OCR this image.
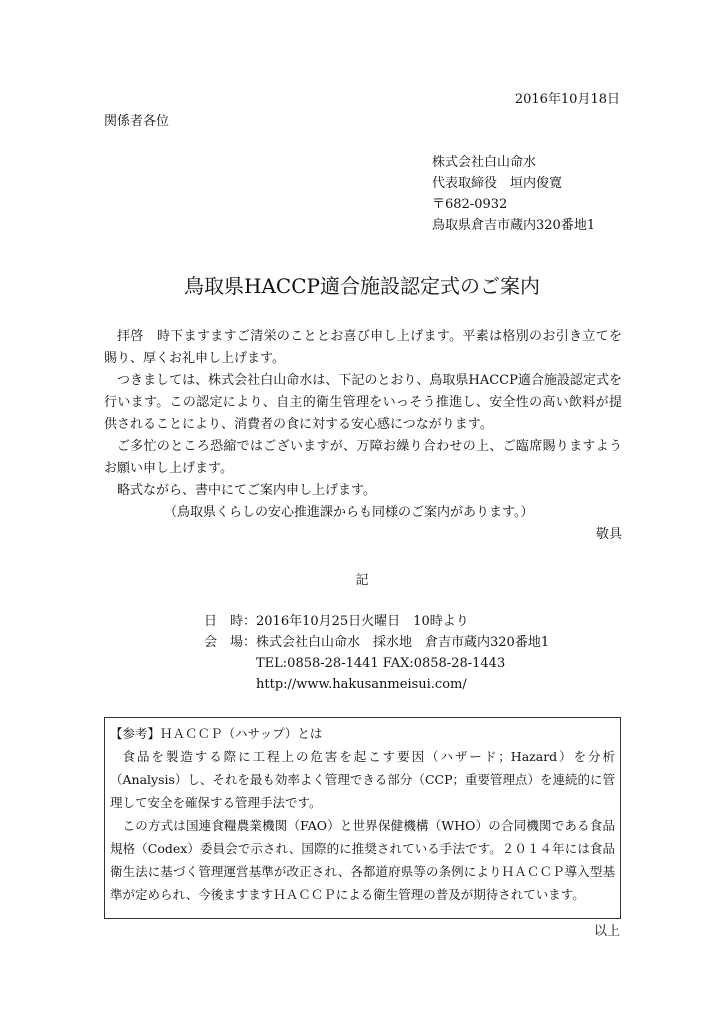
2016年10月18日
関係者各位
株式会社白山命水
代表取締役　垣内俊寛
〒682-0932
鳥取県倉吉市蔵内320番地1
鳥取県HACCP適合施設認定式のご案内

拝啓　時下ますますご清栄のこととお喜び申し上げます。平素は格別のお引き立てを賜り、厚くお礼申し上げます。

つきましては、株式会社白山命水は、下記のとおり、鳥取県HACCP適合施設認定式を行います。この認定により、自主的衛生管理をいっそう推進し、安全性の高い飲料が提供されることにより、消費者の食に対する安心感につながります。

ご多忙のところ恐縮ではございますが、万障お繰り合わせの上、ご臨席賜りますようお願い申し上げます。

略式ながら、書中にてご案内申し上げます。

（鳥取県くらしの安心推進課からも同様のご案内があります。）

敬具

記
日　時： 2016年10月25日火曜日　10時より
会　場： 株式会社白山命水　採水地　倉吉市蔵内320番地1
TEL:0858-28-1441 FAX:0858-28-1443
http://www.hakusanmeisui.com/

【参考】ＨＡＣＣＰ（ハサップ）とは

食品を製造する際に工程上の危害を起こす要因（ハザード；Hazard）を分析（Analysis）し、それを最も効率よく管理できる部分（CCP；重要管理点）を連続的に管理して安全を確保する管理手法です。

この方式は国連食糧農業機関（FAO）と世界保健機構（WHO）の合同機関である食品規格（Codex）委員会で示され、国際的に推奨されている手法です。２０１４年には食品衛生法に基づく管理運営基準が改正され、各都道府県等の条例によりＨＡＣＣＰ導入型基準が定められ、今後ますますＨＡＣＣＰによる衛生管理の普及が期待されています。

以上
